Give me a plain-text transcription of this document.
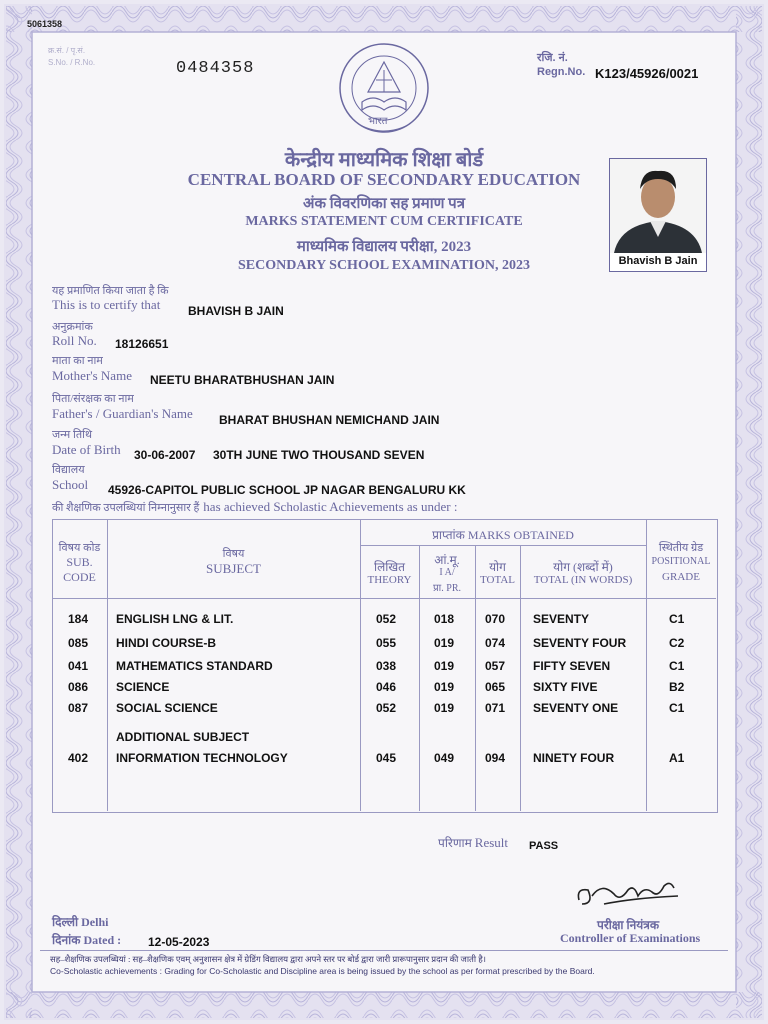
5061358
क्र.सं. / पृ.सं.
S.No. / R.No.	0484358
भारत
रजि. नं.
Regn.No. K123/45926/0021
केन्द्रीय माध्यमिक शिक्षा बोर्ड
CENTRAL BOARD OF SECONDARY EDUCATION
अंक विवरणिका सह प्रमाण पत्र
MARKS STATEMENT CUM CERTIFICATE
माध्यमिक विद्यालय परीक्षा, 2023
SECONDARY SCHOOL EXAMINATION, 2023	Bhavish B Jain
यह प्रमाणित किया जाता है कि
This is to certify that BHAVISH B JAIN
अनुक्रमांक
Roll No. 18126651
माता का नाम
Mother's Name NEETU BHARATBHUSHAN JAIN
पिता/संरक्षक का नाम
Father's / Guardian's Name BHARAT BHUSHAN NEMICHAND JAIN
जन्म तिथि
Date of Birth 30-06-2007 30TH JUNE TWO THOUSAND SEVEN
विद्यालय
School 45926-CAPITOL PUBLIC SCHOOL JP NAGAR BENGALURU KK
की शैक्षणिक उपलब्धियां निम्नानुसार हैं has achieved Scholastic Achievements as under :
विषय कोड
SUB.
CODE
विषय
SUBJECT
प्राप्तांक MARKS OBTAINED
लिखित
THEORY
आं.मू.
I A/
प्रा. PR.
योग
TOTAL
योग (शब्दों में)
TOTAL (IN WORDS)
स्थितीय ग्रेड
POSITIONAL
GRADE
184 ENGLISH LNG & LIT.	052	018	070 SEVENTY	C1
085 HINDI COURSE-B	055	019	074 SEVENTY FOUR	C2
041 MATHEMATICS STANDARD	038	019	057 FIFTY SEVEN	C1
086 SCIENCE	046	019	065 SIXTY FIVE	B2
087 SOCIAL SCIENCE	052	019	071 SEVENTY ONE	C1
ADDITIONAL SUBJECT
402 INFORMATION TECHNOLOGY	045	049	094 NINETY FOUR	A1
परिणाम Result PASS
परीक्षा नियंत्रक
Controller of Examinations
दिल्ली Delhi
दिनांक Dated : 12-05-2023
सह–शैक्षणिक उपलब्धियां : सह–शैक्षणिक एवम् अनुशासन क्षेत्र में ग्रेडिंग विद्यालय द्वारा अपने स्तर पर बोर्ड द्वारा जारी प्रारूपानुसार प्रदान की जाती है।
Co-Scholastic achievements : Grading for Co-Scholastic and Discipline area is being issued by the school as per format prescribed by the Board.
